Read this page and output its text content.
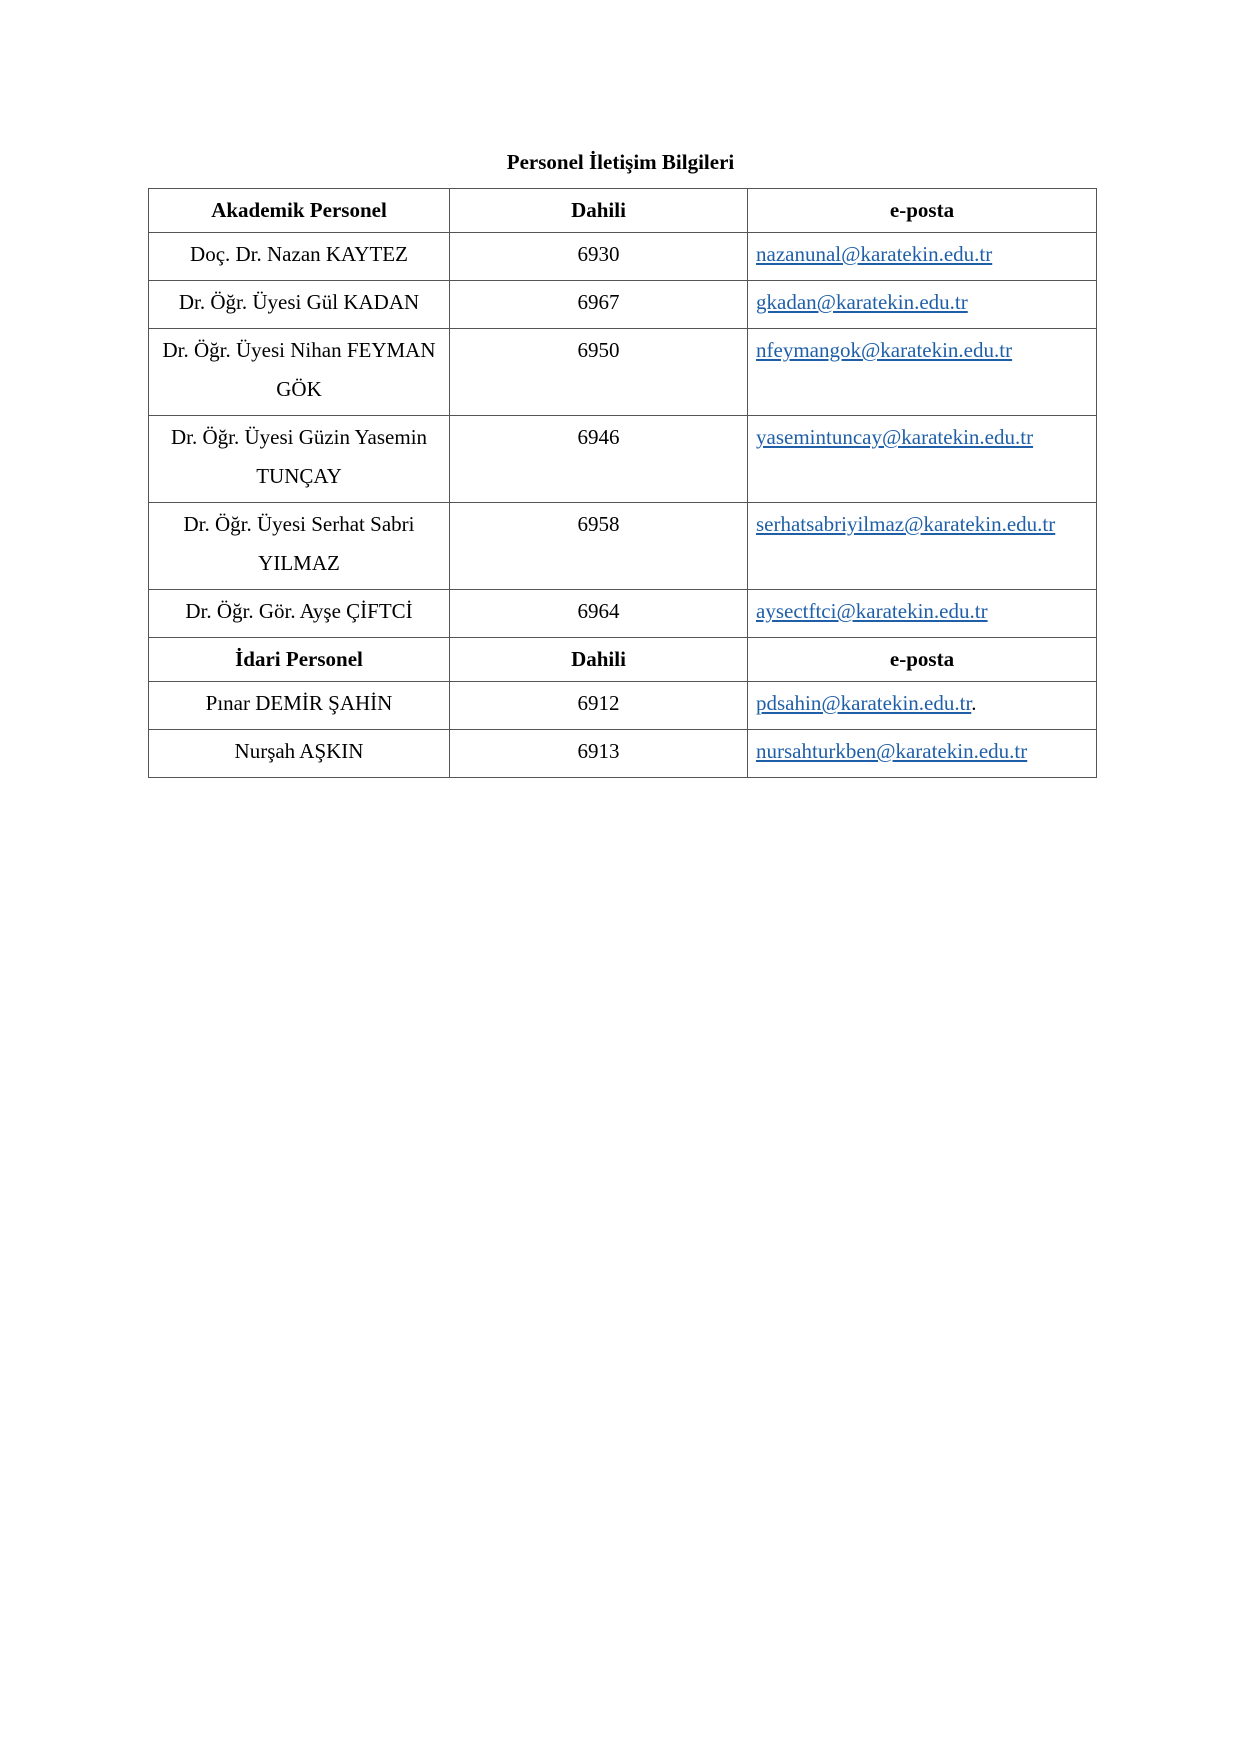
Personel İletişim Bilgileri
Akademik Personel	Dahili	e-posta
Doç. Dr. Nazan KAYTEZ	6930	nazanunal@karatekin.edu.tr
Dr. Öğr. Üyesi Gül KADAN	6967	gkadan@karatekin.edu.tr
Dr. Öğr. Üyesi Nihan FEYMAN GÖK	6950	nfeymangok@karatekin.edu.tr
Dr. Öğr. Üyesi Güzin Yasemin TUNÇAY	6946	yasemintuncay@karatekin.edu.tr
Dr. Öğr. Üyesi Serhat Sabri YILMAZ	6958	serhatsabriyilmaz@karatekin.edu.tr
Dr. Öğr. Gör. Ayşe ÇİFTCİ	6964	aysectftci@karatekin.edu.tr
İdari Personel	Dahili	e-posta
Pınar DEMİR ŞAHİN	6912	pdsahin@karatekin.edu.tr.
Nurşah AŞKIN	6913	nursahturkben@karatekin.edu.tr
